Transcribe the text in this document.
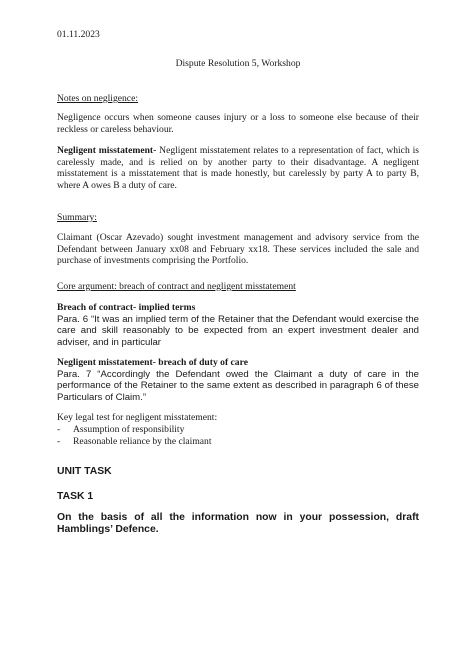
01.11.2023
Dispute Resolution 5, Workshop
Notes on negligence:

Negligence occurs when someone causes injury or a loss to someone else because of their reckless or careless behaviour.

Negligent misstatement- Negligent misstatement relates to a representation of fact, which is carelessly made, and is relied on by another party to their disadvantage. A negligent misstatement is a misstatement that is made honestly, but carelessly by party A to party B, where A owes B a duty of care.

Summary:

Claimant (Oscar Azevado) sought investment management and advisory service from the Defendant between January xx08 and February xx18. These services included the sale and purchase of investments comprising the Portfolio.

Core argument: breach of contract and negligent misstatement
Breach of contract- implied terms

Para. 6 “It was an implied term of the Retainer that the Defendant would exercise the care and skill reasonably to be expected from an expert investment dealer and adviser, and in particular

Negligent misstatement- breach of duty of care

Para. 7 “Accordingly the Defendant owed the Claimant a duty of care in the performance of the Retainer to the same extent as described in paragraph 6 of these Particulars of Claim.”

Key legal test for negligent misstatement:
- Assumption of responsibility
- Reasonable reliance by the claimant
UNIT TASK
TASK 1

On the basis of all the information now in your possession, draft Hamblings’ Defence.
